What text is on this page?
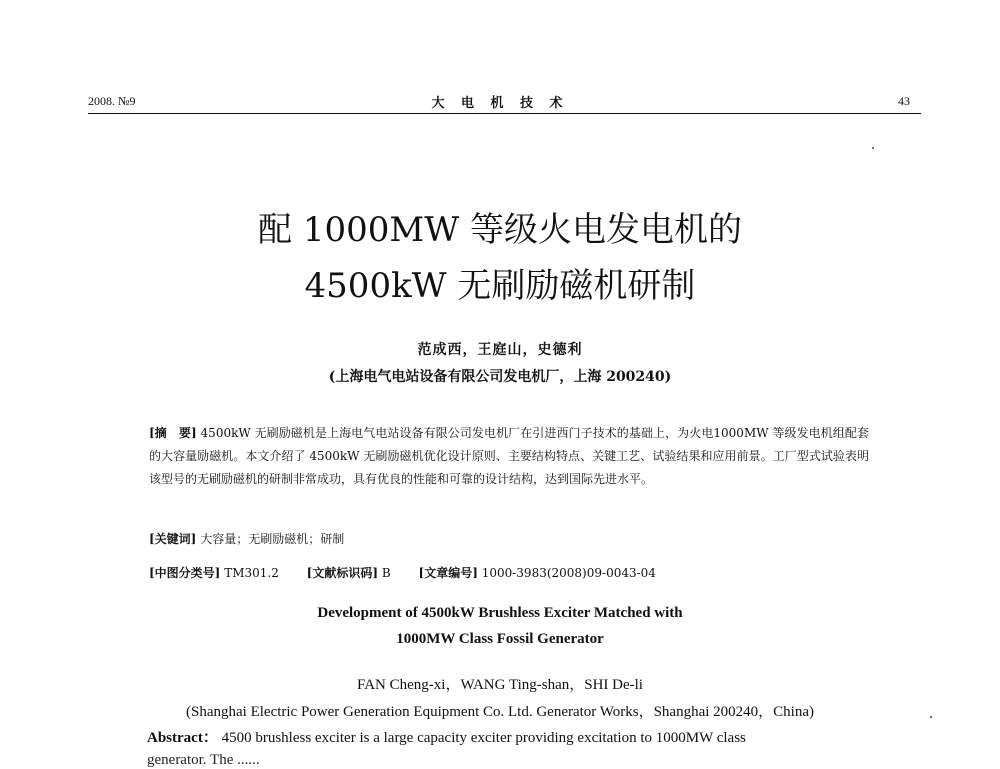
2008. №9	大 电 机 技 术	43
配 1000MW 等级火电发电机的
4500kW 无刷励磁机研制
范成西，王庭山，史德利
(上海电气电站设备有限公司发电机厂，上海 200240)
[摘　要] 4500kW 无刷励磁机是上海电气电站设备有限公司发电机厂在引进西门子技术的基础上，为火电1000MW 等级发电机组配套的大容量励磁机。本文介绍了 4500kW 无刷励磁机优化设计原则、主要结构特点、关键工艺、试验结果和应用前景。工厂型式试验表明该型号的无刷励磁机的研制非常成功，具有优良的性能和可靠的设计结构，达到国际先进水平。
[关键词] 大容量；无刷励磁机；研制
[中图分类号] TM301.2 [文献标识码] B [文章编号] 1000-3983(2008)09-0043-04
Development of 4500kW Brushless Exciter Matched with
1000MW Class Fossil Generator
FAN Cheng-xi，WANG Ting-shan，SHI De-li
(Shanghai Electric Power Generation Equipment Co. Ltd. Generator Works，Shanghai 200240，China)
Abstract： 4500 brushless exciter is a large capacity exciter providing excitation to 1000MW class
generator. The ......
